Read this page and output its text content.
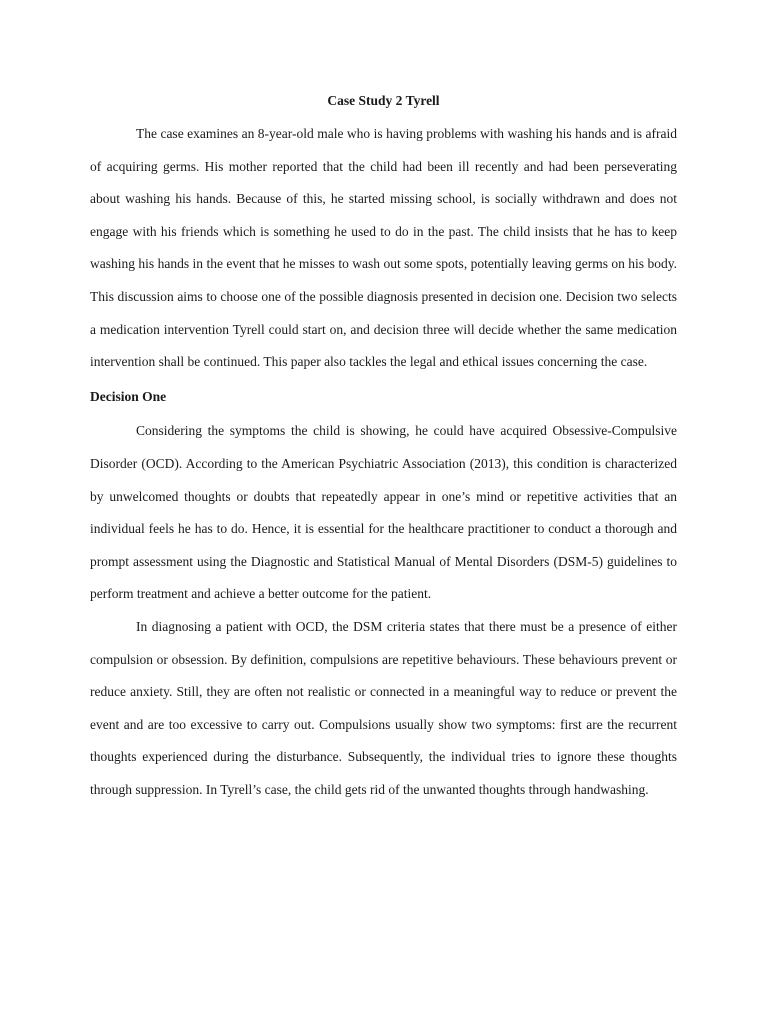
Case Study 2 Tyrell

The case examines an 8-year-old male who is having problems with washing his hands and is afraid of acquiring germs. His mother reported that the child had been ill recently and had been perseverating about washing his hands. Because of this, he started missing school, is socially withdrawn and does not engage with his friends which is something he used to do in the past. The child insists that he has to keep washing his hands in the event that he misses to wash out some spots, potentially leaving germs on his body. This discussion aims to choose one of the possible diagnosis presented in decision one. Decision two selects a medication intervention Tyrell could start on, and decision three will decide whether the same medication intervention shall be continued. This paper also tackles the legal and ethical issues concerning the case.

Decision One

Considering the symptoms the child is showing, he could have acquired Obsessive-Compulsive Disorder (OCD). According to the American Psychiatric Association (2013), this condition is characterized by unwelcomed thoughts or doubts that repeatedly appear in one’s mind or repetitive activities that an individual feels he has to do. Hence, it is essential for the healthcare practitioner to conduct a thorough and prompt assessment using the Diagnostic and Statistical Manual of Mental Disorders (DSM-5) guidelines to perform treatment and achieve a better outcome for the patient.

In diagnosing a patient with OCD, the DSM criteria states that there must be a presence of either compulsion or obsession. By definition, compulsions are repetitive behaviours. These behaviours prevent or reduce anxiety. Still, they are often not realistic or connected in a meaningful way to reduce or prevent the event and are too excessive to carry out. Compulsions usually show two symptoms: first are the recurrent thoughts experienced during the disturbance. Subsequently, the individual tries to ignore these thoughts through suppression. In Tyrell’s case, the child gets rid of the unwanted thoughts through handwashing.
